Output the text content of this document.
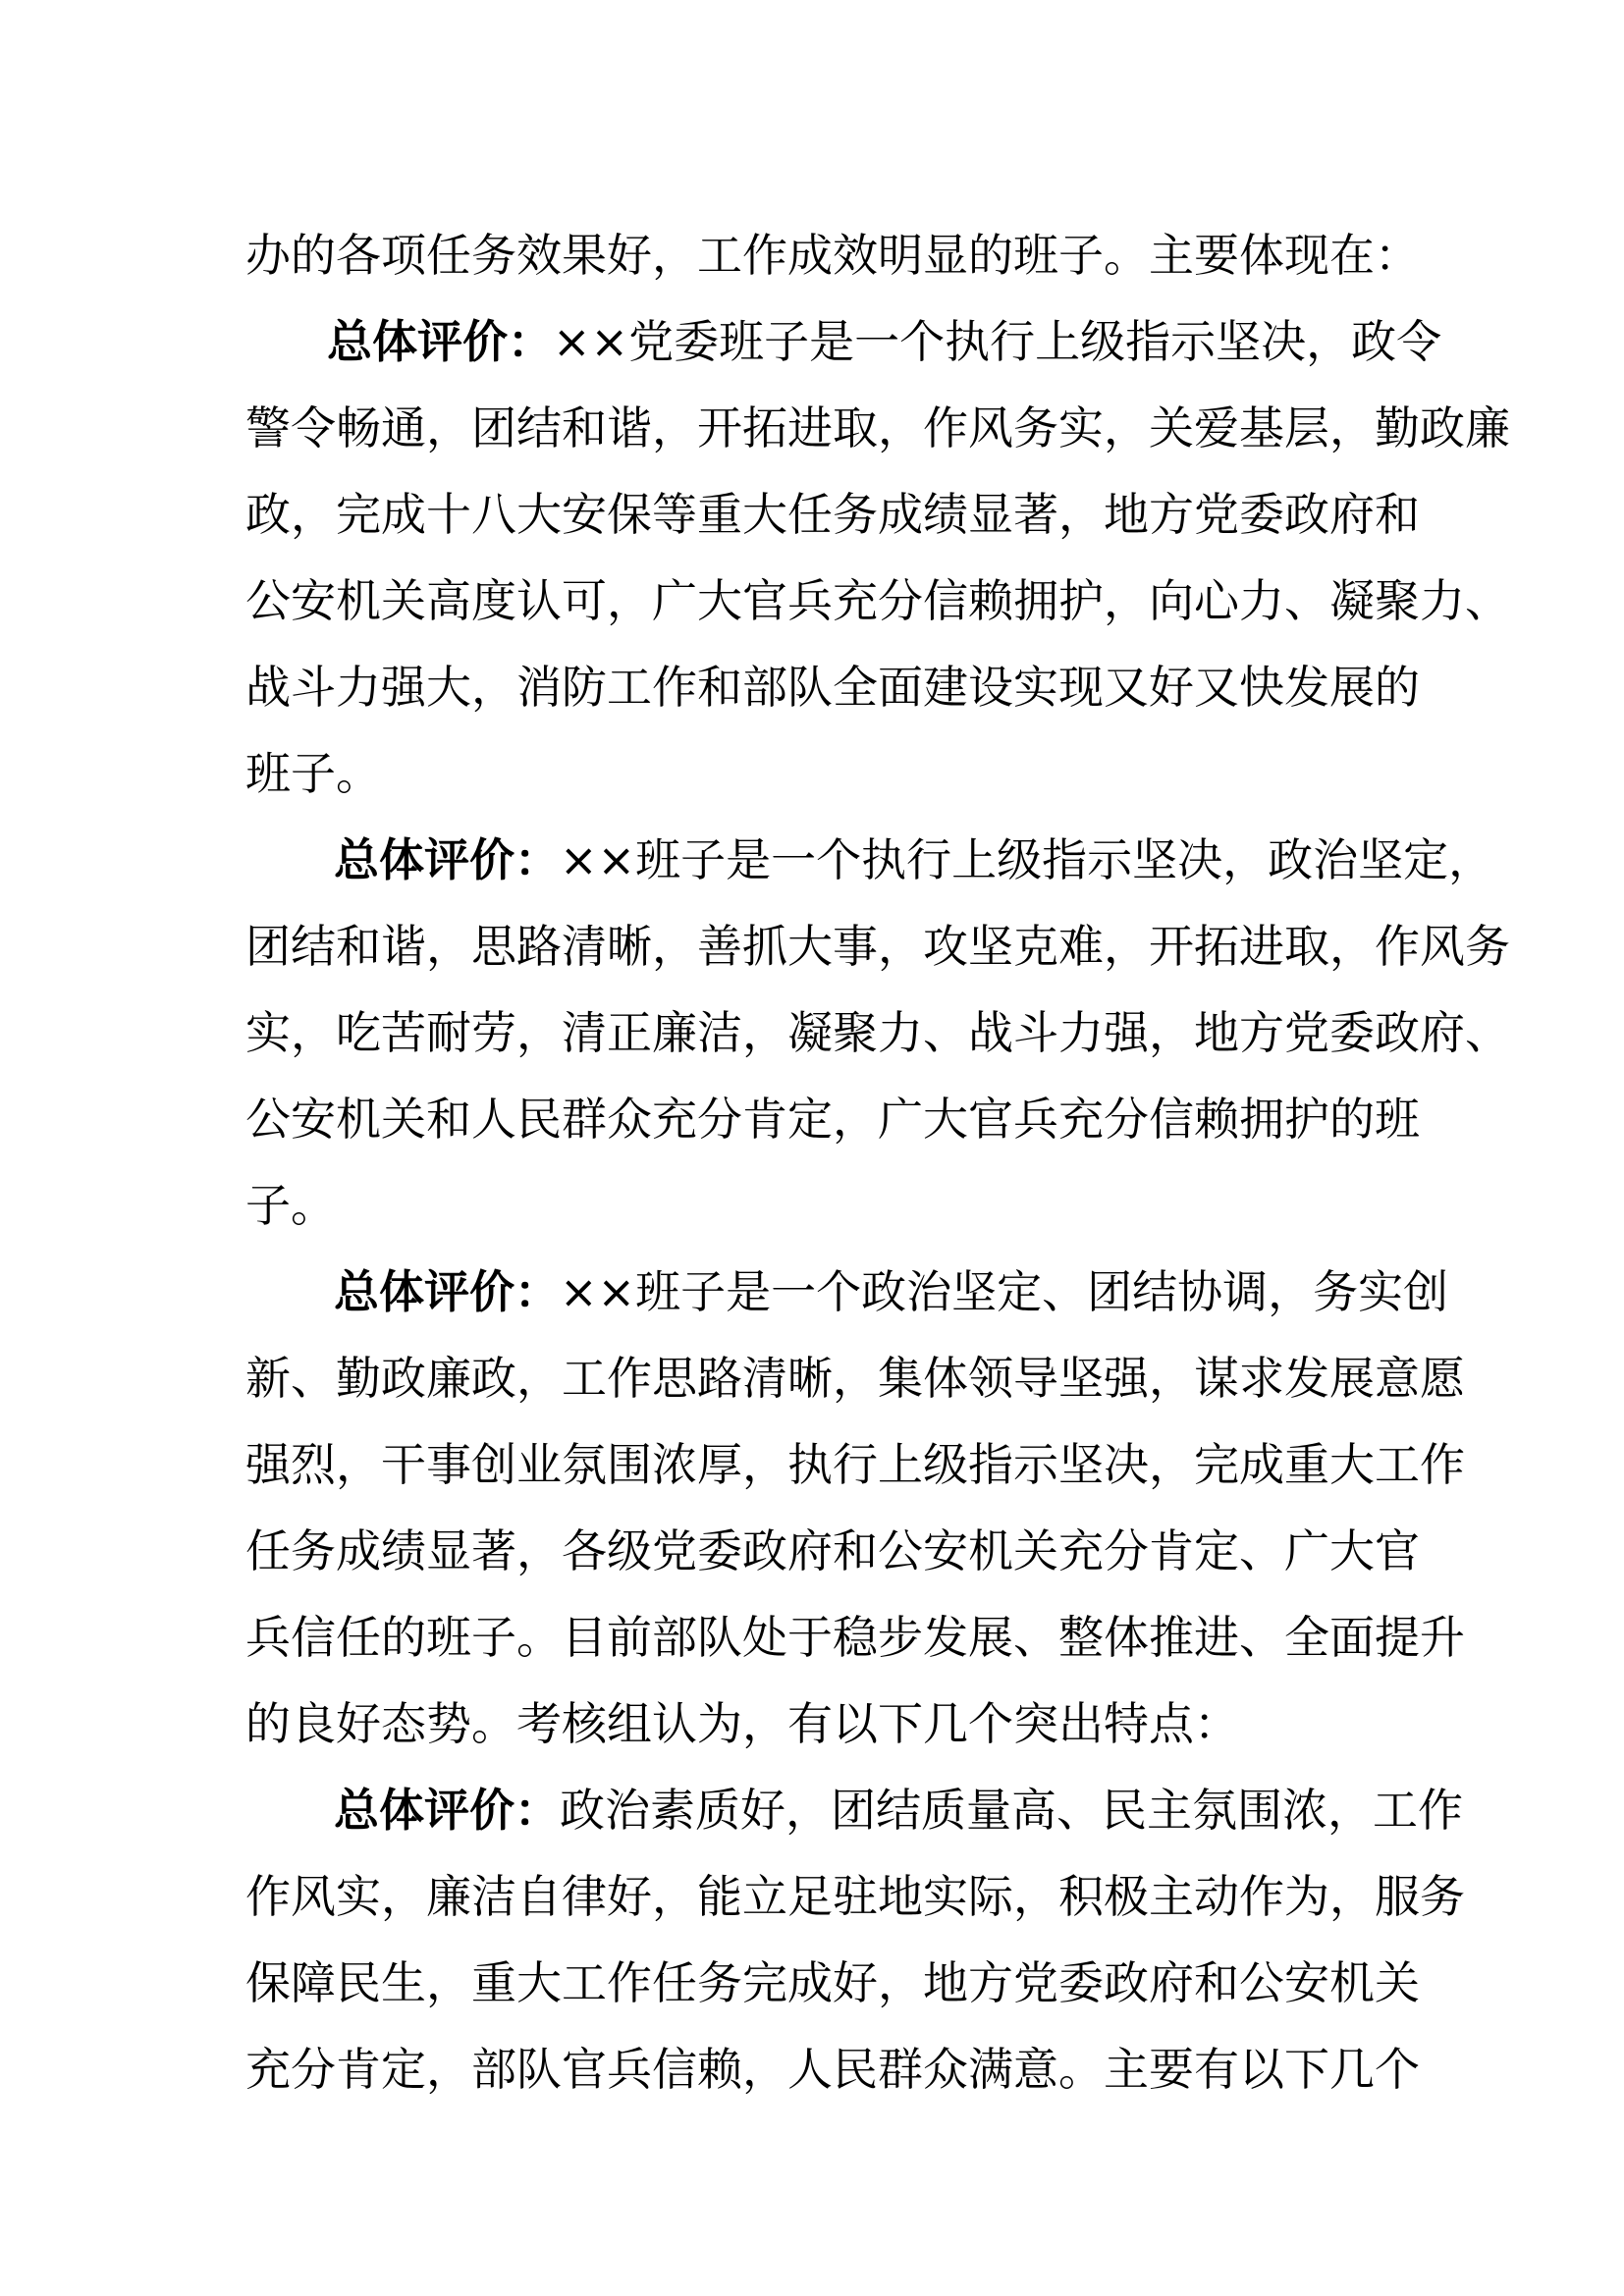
办的各项任务效果好，工作成效明显的班子。主要体现在：
总体评价：××党委班子是一个执行上级指示坚决，政令
警令畅通，团结和谐，开拓进取，作风务实，关爱基层，勤政廉
政，完成十八大安保等重大任务成绩显著，地方党委政府和
公安机关高度认可，广大官兵充分信赖拥护，向心力、凝聚力、
战斗力强大，消防工作和部队全面建设实现又好又快发展的
班子。
总体评价：××班子是一个执行上级指示坚决，政治坚定，
团结和谐，思路清晰，善抓大事，攻坚克难，开拓进取，作风务
实，吃苦耐劳，清正廉洁，凝聚力、战斗力强，地方党委政府、
公安机关和人民群众充分肯定，广大官兵充分信赖拥护的班
子。
总体评价：××班子是一个政治坚定、团结协调，务实创
新、勤政廉政，工作思路清晰，集体领导坚强，谋求发展意愿
强烈，干事创业氛围浓厚，执行上级指示坚决，完成重大工作
任务成绩显著，各级党委政府和公安机关充分肯定、广大官
兵信任的班子。目前部队处于稳步发展、整体推进、全面提升
的良好态势。考核组认为，有以下几个突出特点：
总体评价：政治素质好，团结质量高、民主氛围浓，工作
作风实，廉洁自律好，能立足驻地实际，积极主动作为，服务
保障民生，重大工作任务完成好，地方党委政府和公安机关
充分肯定，部队官兵信赖，人民群众满意。主要有以下几个
